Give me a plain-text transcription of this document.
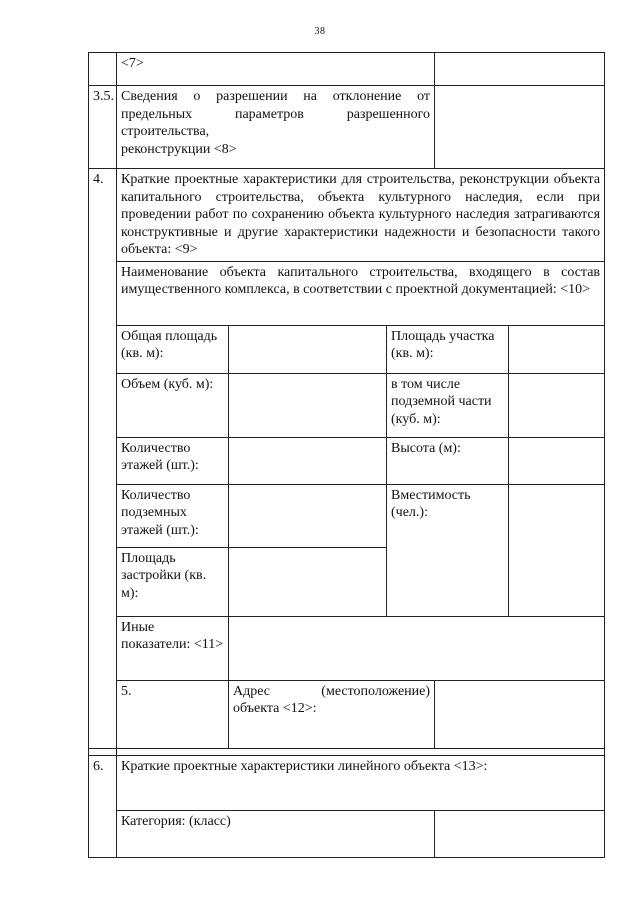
38
	<7>				
3.5.	Сведения о разрешении на отклонение от предельных параметров разрешенного строительства,
реконструкции <8>				

4.	Краткие проектные характеристики для строительства, реконструкции объекта капитального строительства, объекта культурного наследия, если при проведении работ по сохранению объекта культурного наследия затрагиваются конструктивные и другие характеристики надежности и безопасности такого объекта: <9>				
	Наименование объекта капитального строительства, входящего в состав имущественного комплекса, в соответствии с проектной документацией: <10>				
	Общая площадь (кв. м):		Площадь участка (кв. м):		
	Объем (куб. м):		в том числе подземной части (куб. м):		
	Количество этажей (шт.):		Высота (м):		
	Количество подземных этажей (шт.):		Вместимость (чел.):		
	Площадь застройки (кв. м):				
	Иные показатели: <11>				
	5.	Адрес (местоположение) объекта <12>:			

6.	Краткие проектные характеристики линейного объекта <13>:				
	Категория: (класс)				
